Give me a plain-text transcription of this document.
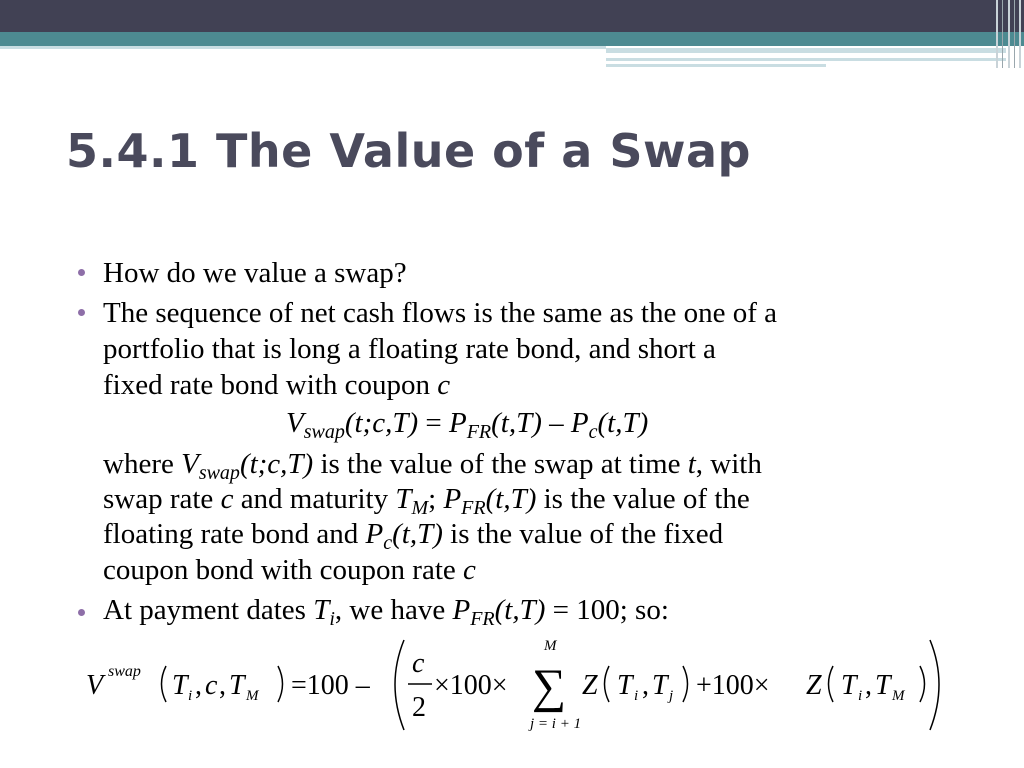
5.4.1 The Value of a Swap
How do we value a swap?
The sequence of net cash flows is the same as the one of a
portfolio that is long a floating rate bond, and short a
fixed rate bond with coupon c
$V_{swap}(t;c,T) = P_{FR}(t,T) - P_c(t,T)$
where $V_{swap}(t;c,T)$ is the value of the swap at time t, with
swap rate c and maturity $T_M$; $P_{FR}(t,T)$ is the value of the
floating rate bond and $P_c(t,T)$ is the value of the fixed
coupon bond with coupon rate c
At payment dates $T_i$, we have $P_{FR}(t,T) = 100$; so:
V swap T i , c , T M =100 –
c
2
×100×
M
∑
j = i + 1
Z T i , T j +100× Z T i , T M
